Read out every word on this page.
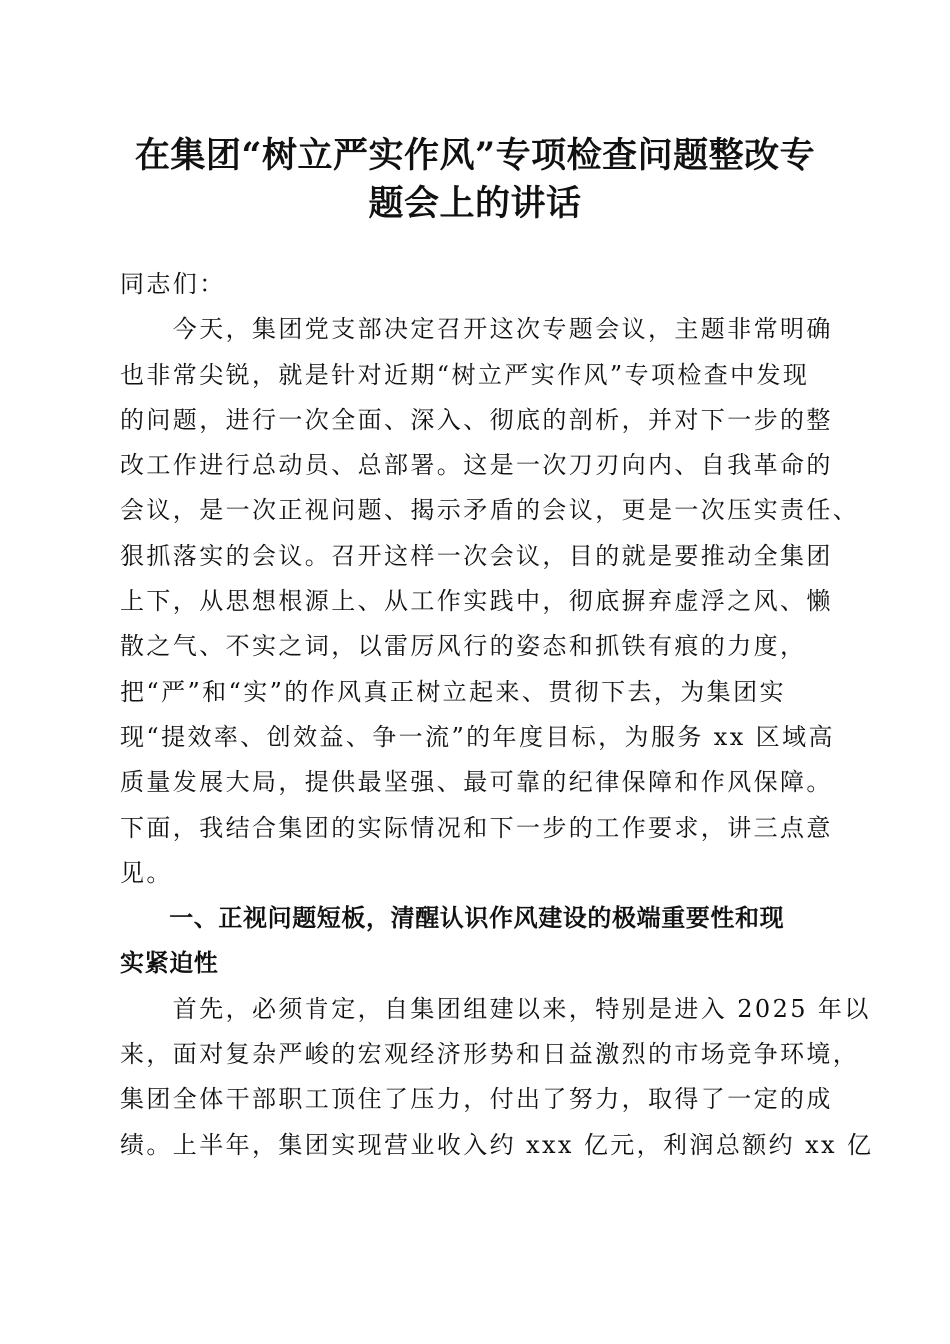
在集团“树立严实作风”专项检查问题整改专
题会上的讲话
同志们：
　　今天，集团党支部决定召开这次专题会议，主题非常明确
也非常尖锐，就是针对近期“树立严实作风”专项检查中发现
的问题，进行一次全面、深入、彻底的剖析，并对下一步的整
改工作进行总动员、总部署。这是一次刀刃向内、自我革命的
会议，是一次正视问题、揭示矛盾的会议，更是一次压实责任、
狠抓落实的会议。召开这样一次会议，目的就是要推动全集团
上下，从思想根源上、从工作实践中，彻底摒弃虚浮之风、懒
散之气、不实之词，以雷厉风行的姿态和抓铁有痕的力度，
把“严”和“实”的作风真正树立起来、贯彻下去，为集团实
现“提效率、创效益、争一流”的年度目标，为服务 xx 区域高
质量发展大局，提供最坚强、最可靠的纪律保障和作风保障。
下面，我结合集团的实际情况和下一步的工作要求，讲三点意
见。
　　一、正视问题短板，清醒认识作风建设的极端重要性和现
实紧迫性
　　首先，必须肯定，自集团组建以来，特别是进入 2025 年以
来，面对复杂严峻的宏观经济形势和日益激烈的市场竞争环境，
集团全体干部职工顶住了压力，付出了努力，取得了一定的成
绩。上半年，集团实现营业收入约 xxx 亿元，利润总额约 xx 亿
